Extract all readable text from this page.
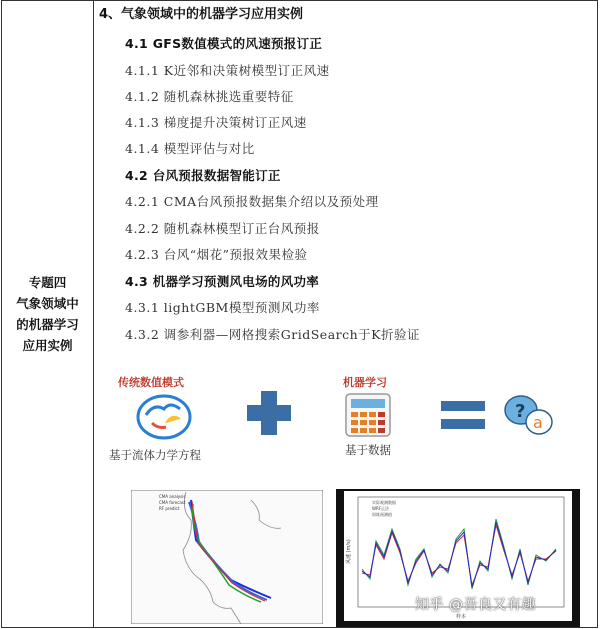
专题四
气象领域中
的机器学习
应用实例
4、气象领域中的机器学习应用实例
4.1 GFS数值模式的风速预报订正
4.1.1 K近邻和决策树模型订正风速
4.1.2 随机森林挑选重要特征
4.1.3 梯度提升决策树订正风速
4.1.4 模型评估与对比
4.2 台风预报数据智能订正
4.2.1 CMA台风预报数据集介绍以及预处理
4.2.2 随机森林模型订正台风预报
4.2.3 台风“烟花”预报效果检验
4.3 机器学习预测风电场的风功率
4.3.1 lightGBM模型预测风功率
4.3.2 调参利器—网格搜索GridSearch于K折验证
传统数值模式	机器学习
?
a
基于流体力学方程	基于数据
CMA analysis
CMA forecast
RF predict
风速 (m/s)
样本
实际观测数据
WRF正法
训练预测值
知乎 @吾良又有趣
